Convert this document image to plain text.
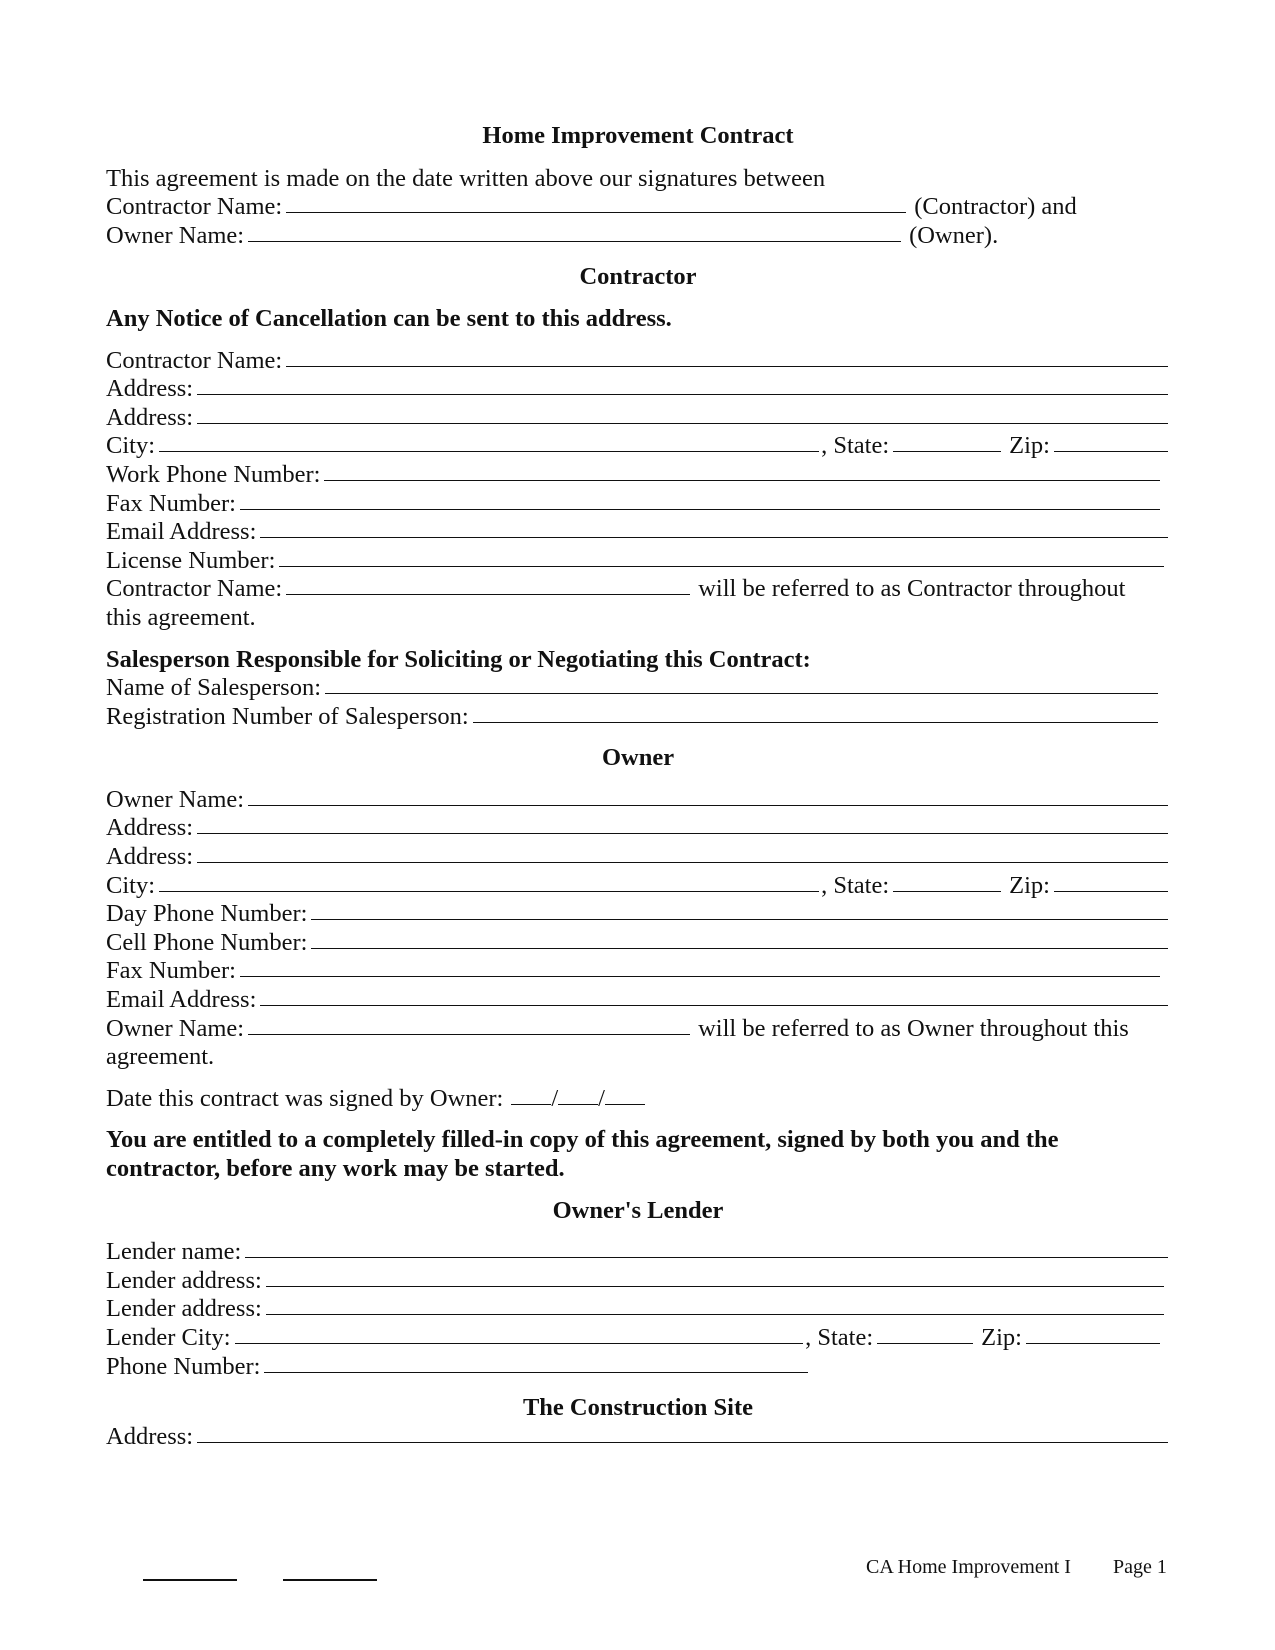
Home Improvement Contract
This agreement is made on the date written above our signatures between
Contractor Name:	(Contractor) and
Owner Name:	(Owner).
Contractor
Any Notice of Cancellation can be sent to this address.
Contractor Name:
Address:
Address:
City:	, State:	Zip:
Work Phone Number:
Fax Number:
Email Address:
License Number:
Contractor Name:	will be referred to as Contractor throughout
this agreement.
Salesperson Responsible for Soliciting or Negotiating this Contract:
Name of Salesperson:
Registration Number of Salesperson:
Owner
Owner Name:
Address:
Address:
City:	, State:	Zip:
Day Phone Number:
Cell Phone Number:
Fax Number:
Email Address:
Owner Name:	will be referred to as Owner throughout this
agreement.
Date this contract was signed by Owner: / /
You are entitled to a completely filled-in copy of this agreement, signed by both you and the contractor, before any work may be started.
Owner's Lender
Lender name:
Lender address:
Lender address:
Lender City:	, State:	Zip:
Phone Number:
The Construction Site
Address:
CA Home Improvement I Page 1
